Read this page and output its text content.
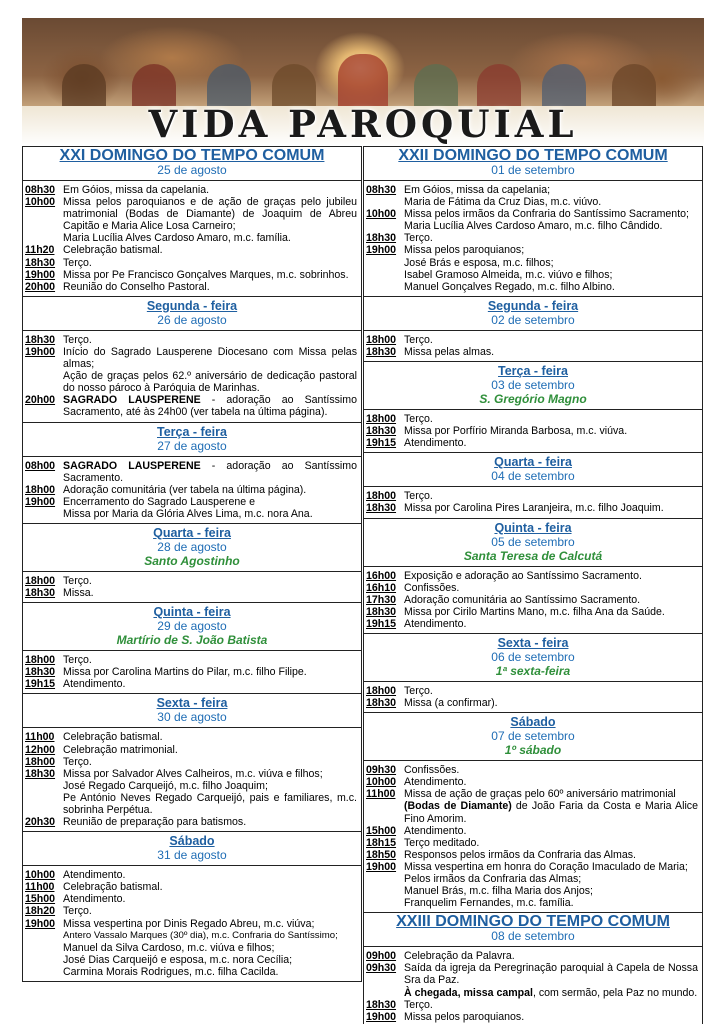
VIDA PAROQUIAL
XXI DOMINGO DO TEMPO COMUM
25 de agosto
08h30 Em Góios, missa da capelania.
10h00 Missa pelos paroquianos e de ação de graças pelo jubileu matrimonial (Bodas de Diamante) de Joaquim de Abreu Capitão e Maria Alice Losa Carneiro;
Maria Lucília Alves Cardoso Amaro, m.c. família.
11h20 Celebração batismal.
18h30 Terço.
19h00 Missa por Pe Francisco Gonçalves Marques, m.c. sobrinhos.
20h00 Reunião do Conselho Pastoral.
Segunda - feira
26 de agosto
18h30 Terço.
19h00 Início do Sagrado Lausperene Diocesano com Missa pelas almas;
Ação de graças pelos 62.º aniversário de dedicação pastoral do nosso pároco à Paróquia de Marinhas.
20h00 SAGRADO LAUSPERENE - adoração ao Santíssimo Sacramento, até às 24h00 (ver tabela na última página).
Terça - feira
27 de agosto
08h00 SAGRADO LAUSPERENE - adoração ao Santíssimo Sacramento.
18h00 Adoração comunitária (ver tabela na última página).
19h00 Encerramento do Sagrado Lausperene e
Missa por Maria da Glória Alves Lima, m.c. nora Ana.
Quarta - feira
28 de agosto
Santo Agostinho
18h00 Terço.
18h30 Missa.
Quinta - feira
29 de agosto
Martírio de S. João Batista
18h00 Terço.
18h30 Missa por Carolina Martins do Pilar, m.c. filho Filipe.
19h15 Atendimento.
Sexta - feira
30 de agosto
11h00 Celebração batismal.
12h00 Celebração matrimonial.
18h00 Terço.
18h30 Missa por Salvador Alves Calheiros, m.c. viúva e filhos;
José Regado Carqueijó, m.c. filho Joaquim;
Pe António Neves Regado Carqueijó, pais e familiares, m.c. sobrinha Perpétua.
20h30 Reunião de preparação para batismos.
Sábado
31 de agosto
10h00 Atendimento.
11h00 Celebração batismal.
15h00 Atendimento.
18h20 Terço.
19h00 Missa vespertina por Dinis Regado Abreu, m.c. viúva;
Antero Vassalo Marques (30º dia), m.c. Confraria do Santíssimo;
Manuel da Silva Cardoso, m.c. viúva e filhos;
José Dias Carqueijó e esposa, m.c. nora Cecília;
Carmina Morais Rodrigues, m.c. filha Cacilda.
XXII DOMINGO DO TEMPO COMUM
01 de setembro
08h30 Em Góios, missa da capelania;
Maria de Fátima da Cruz Dias, m.c. viúvo.
10h00 Missa pelos irmãos da Confraria do Santíssimo Sacramento;
Maria Lucília Alves Cardoso Amaro, m.c. filho Cândido.
18h30 Terço.
19h00 Missa pelos paroquianos;
José Brás e esposa, m.c. filhos;
Isabel Gramoso Almeida, m.c. viúvo e filhos;
Manuel Gonçalves Regado, m.c. filho Albino.
Segunda - feira
02 de setembro
18h00 Terço.
18h30 Missa pelas almas.
Terça - feira
03 de setembro
S. Gregório Magno
18h00 Terço.
18h30 Missa por Porfírio Miranda Barbosa, m.c. viúva.
19h15 Atendimento.
Quarta - feira
04 de setembro
18h00 Terço.
18h30 Missa por Carolina Pires Laranjeira, m.c. filho Joaquim.
Quinta - feira
05 de setembro
Santa Teresa de Calcutá
16h00 Exposição e adoração ao Santíssimo Sacramento.
16h10 Confissões.
17h30 Adoração comunitária ao Santíssimo Sacramento.
18h30 Missa por Cirilo Martins Mano, m.c. filha Ana da Saúde.
19h15 Atendimento.
Sexta - feira
06 de setembro
1ª sexta-feira
18h00 Terço.
18h30 Missa (a confirmar).
Sábado
07 de setembro
1º sábado
09h30 Confissões.
10h00 Atendimento.
11h00 Missa de ação de graças pelo 60º aniversário matrimonial
(Bodas de Diamante) de João Faria da Costa e Maria Alice Fino Amorim.
15h00 Atendimento.
18h15 Terço meditado.
18h50 Responsos pelos irmãos da Confraria das Almas.
19h00 Missa vespertina em honra do Coração Imaculado de Maria;
Pelos irmãos da Confraria das Almas;
Manuel Brás, m.c. filha Maria dos Anjos;
Franquelim Fernandes, m.c. família.
XXIII DOMINGO DO TEMPO COMUM
08 de setembro
09h00 Celebração da Palavra.
09h30 Saída da igreja da Peregrinação paroquial à Capela de Nossa Sra da Paz.
À chegada, missa campal, com sermão, pela Paz no mundo.
18h30 Terço.
19h00 Missa pelos paroquianos.
